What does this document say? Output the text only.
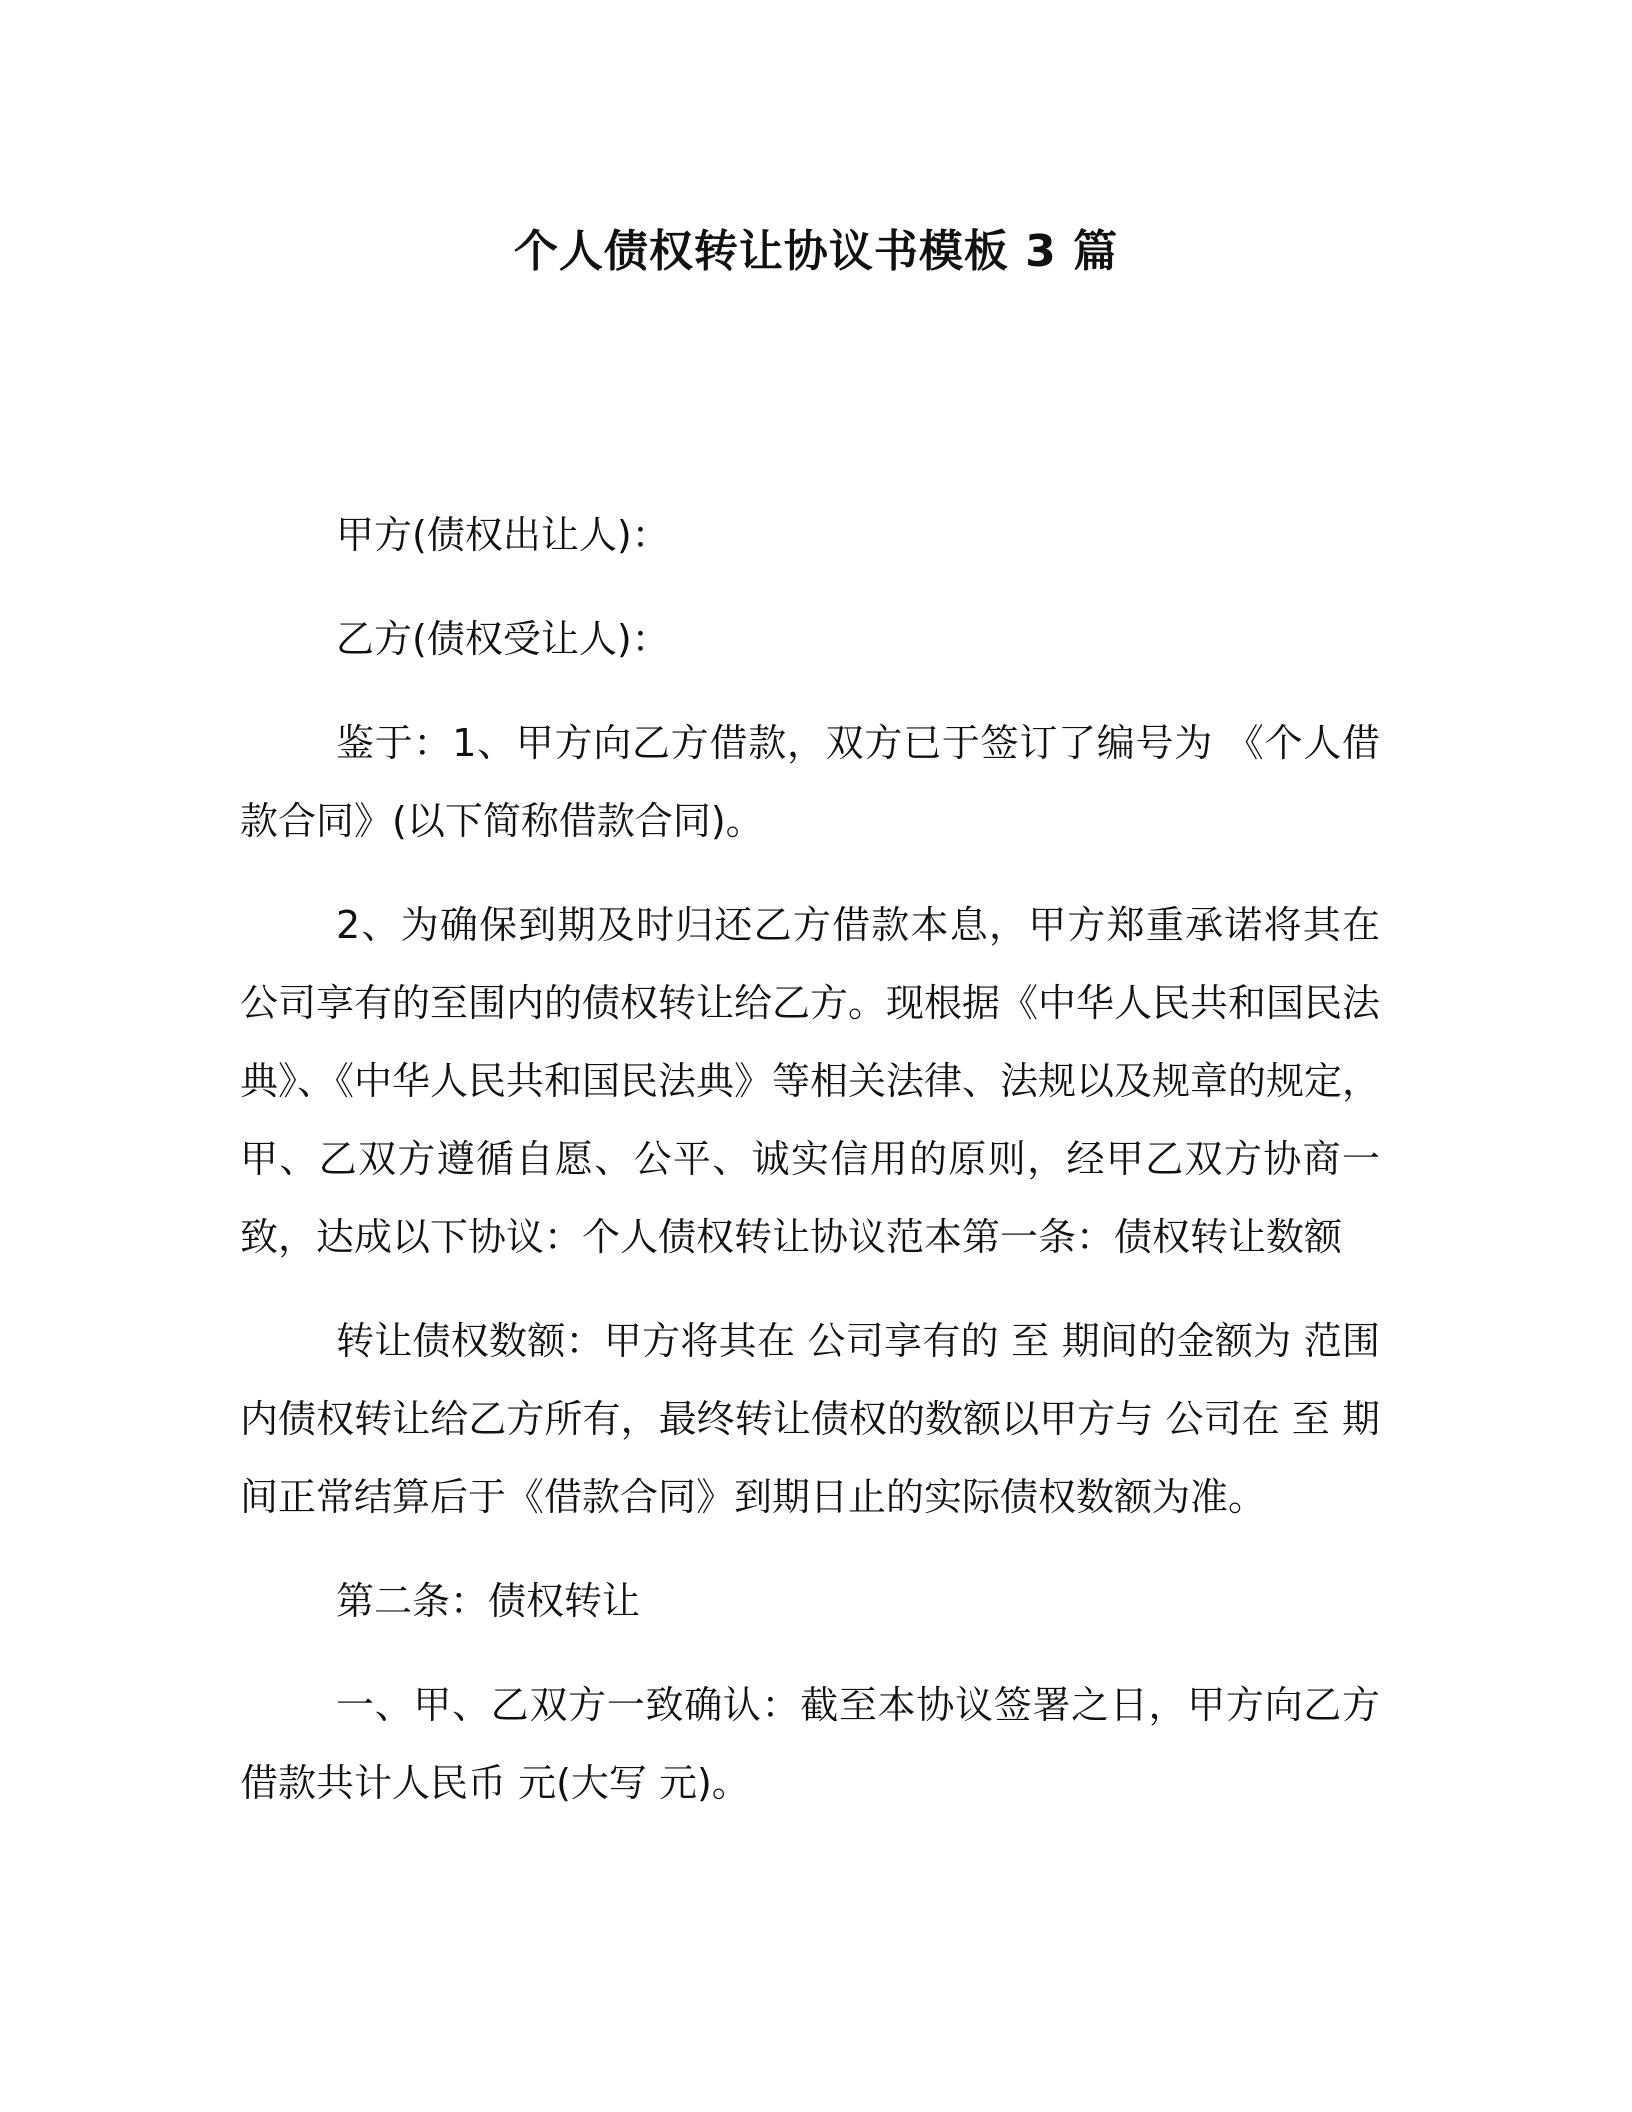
个人债权转让协议书模板 3 篇

甲方(债权出让人)：

乙方(债权受让人)：

鉴于：1、甲方向乙方借款，双方已于签订了编号为 《个人借款合同》(以下简称借款合同)。

2、为确保到期及时归还乙方借款本息，甲方郑重承诺将其在公司享有的至围内的债权转让给乙方。现根据《中华人民共和国民法典》、《中华人民共和国民法典》等相关法律、法规以及规章的规定，甲、乙双方遵循自愿、公平、诚实信用的原则，经甲乙双方协商一致，达成以下协议：个人债权转让协议范本第一条：债权转让数额

转让债权数额：甲方将其在 公司享有的 至 期间的金额为 范围内债权转让给乙方所有，最终转让债权的数额以甲方与 公司在 至 期间正常结算后于《借款合同》到期日止的实际债权数额为准。

第二条：债权转让

一、甲、乙双方一致确认：截至本协议签署之日，甲方向乙方借款共计人民币 元(大写 元)。
